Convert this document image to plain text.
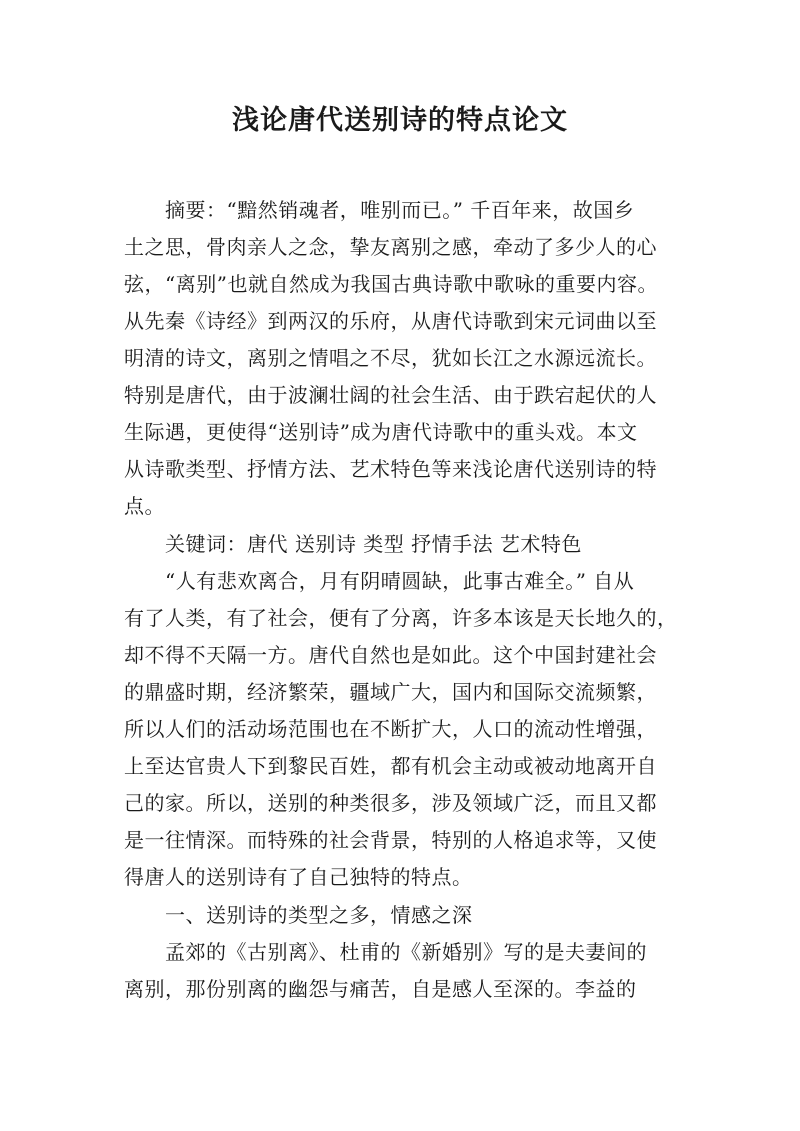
浅论唐代送别诗的特点论文
摘要：“黯然销魂者，唯别而已。” 千百年来，故国乡
土之思，骨肉亲人之念，挚友离别之感，牵动了多少人的心
弦，“离别”也就自然成为我国古典诗歌中歌咏的重要内容。
从先秦《诗经》到两汉的乐府，从唐代诗歌到宋元词曲以至
明清的诗文，离别之情唱之不尽，犹如长江之水源远流长。
特别是唐代，由于波澜壮阔的社会生活、由于跌宕起伏的人
生际遇，更使得“送别诗”成为唐代诗歌中的重头戏。本文
从诗歌类型、抒情方法、艺术特色等来浅论唐代送别诗的特
点。
关键词：唐代 送别诗 类型 抒情手法 艺术特色
“人有悲欢离合，月有阴晴圆缺，此事古难全。” 自从
有了人类，有了社会，便有了分离，许多本该是天长地久的，
却不得不天隔一方。唐代自然也是如此。这个中国封建社会
的鼎盛时期，经济繁荣，疆域广大，国内和国际交流频繁，
所以人们的活动场范围也在不断扩大，人口的流动性增强，
上至达官贵人下到黎民百姓，都有机会主动或被动地离开自
己的家。所以，送别的种类很多，涉及领域广泛，而且又都
是一往情深。而特殊的社会背景，特别的人格追求等，又使
得唐人的送别诗有了自己独特的特点。
一、送别诗的类型之多，情感之深
孟郊的《古别离》、杜甫的《新婚别》写的是夫妻间的
离别，那份别离的幽怨与痛苦，自是感人至深的。李益的
